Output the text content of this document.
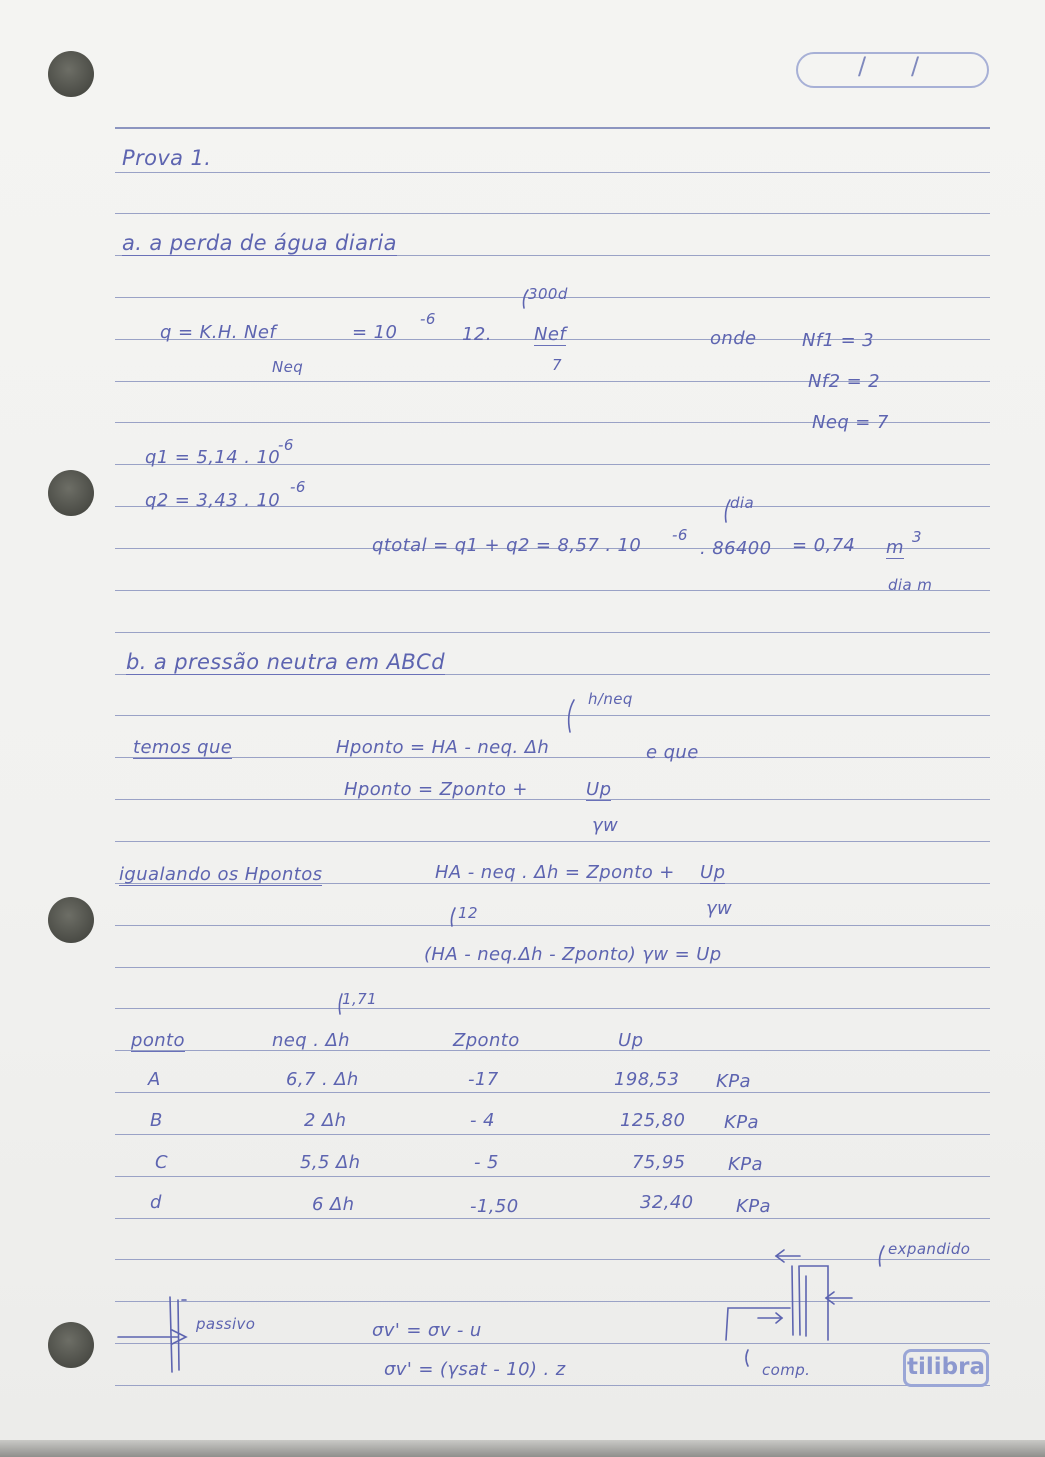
/ /
Prova 1.
a. a perda de água diaria
300d
q = K.H. Nef
Neq
= 10
-6
12. Nef
7
onde	Nf1 = 3
Nf2 = 2
Neq = 7
q1 = 5,14 . 10
-6
q2 = 3,43 . 10
-6
dia
qtotal = q1 + q2 = 8,57 . 10 -6
. 86400 = 0,74 m 3
dia m
b. a pressão neutra em ABCd
h/neq
temos que	Hponto = HA - neq. Δh	e que
Hponto = Zponto +	Up
γw
igualando os Hpontos	HA - neq . Δh = Zponto + Up
γw
12
(HA - neq.Δh - Zponto) γw = Up
1,71
ponto	neq . Δh	Zponto	Up
A	6,7 . Δh	-17	198,53 KPa
B	2 Δh	- 4	125,80 KPa
C	5,5 Δh	- 5	75,95 KPa
d	6 Δh	-1,50	32,40 KPa
expandido
passivo	σv' = σv - u
σv' = (γsat - 10) . z	comp.	tilibra
